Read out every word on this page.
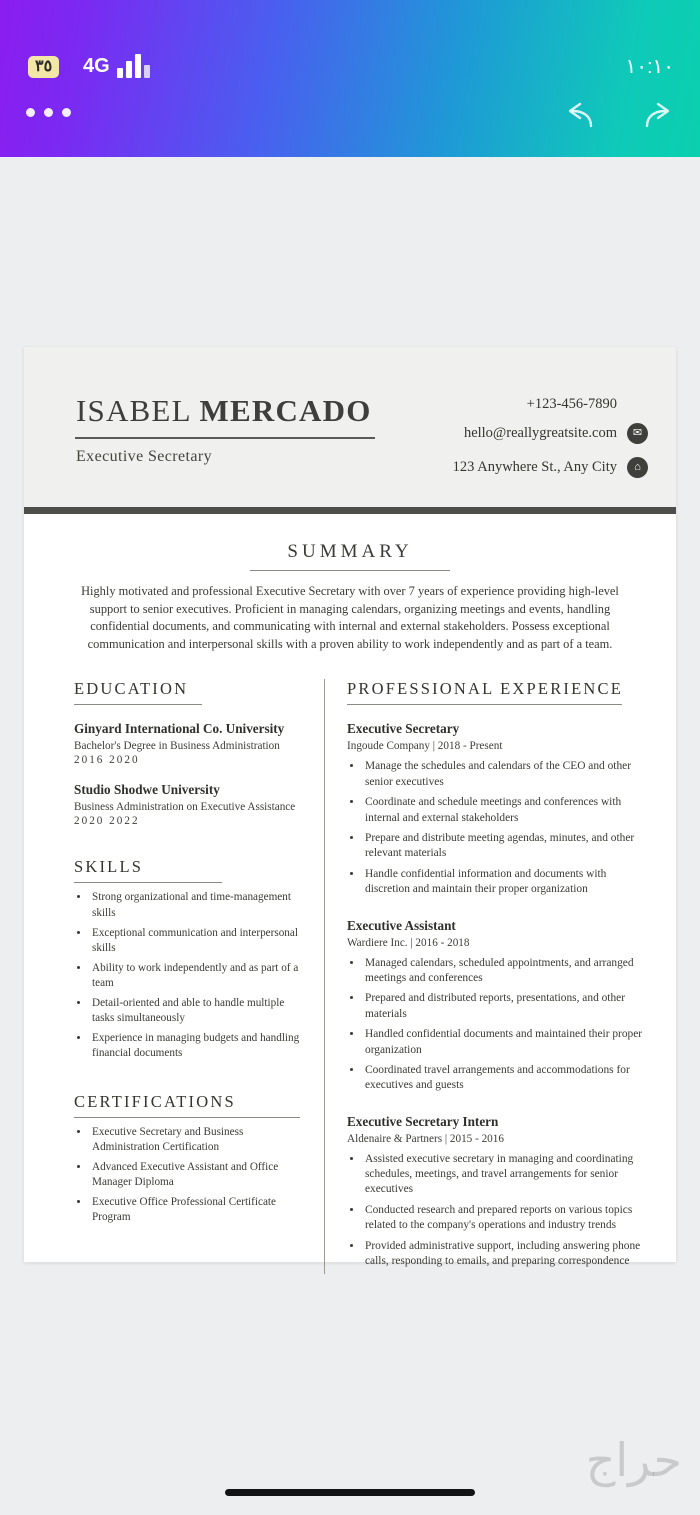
٣٥	4G	١٠:١٠
ISABEL MERCADO
Executive Secretary
+123-456-7890
hello@reallygreatsite.com	✉
123 Anywhere St., Any City	⌂
SUMMARY
Highly motivated and professional Executive Secretary with over 7 years of experience providing high-level support to senior executives. Proficient in managing calendars, organizing meetings and events, handling confidential documents, and communicating with internal and external stakeholders. Possess exceptional communication and interpersonal skills with a proven ability to work independently and as part of a team.
EDUCATION
Ginyard International Co. University
Bachelor's Degree in Business Administration
2016 2020
Studio Shodwe University
Business Administration on Executive Assistance
2020 2022
SKILLS
• Strong organizational and time-management skills
• Exceptional communication and interpersonal skills
• Ability to work independently and as part of a team
• Detail-oriented and able to handle multiple tasks simultaneously
• Experience in managing budgets and handling financial documents
CERTIFICATIONS
• Executive Secretary and Business Administration Certification
• Advanced Executive Assistant and Office Manager Diploma
• Executive Office Professional Certificate Program
PROFESSIONAL EXPERIENCE
Executive Secretary
Ingoude Company | 2018 - Present
• Manage the schedules and calendars of the CEO and other senior executives
• Coordinate and schedule meetings and conferences with internal and external stakeholders
• Prepare and distribute meeting agendas, minutes, and other relevant materials
• Handle confidential information and documents with discretion and maintain their proper organization
Executive Assistant
Wardiere Inc. | 2016 - 2018
• Managed calendars, scheduled appointments, and arranged meetings and conferences
• Prepared and distributed reports, presentations, and other materials
• Handled confidential documents and maintained their proper organization
• Coordinated travel arrangements and accommodations for executives and guests
Executive Secretary Intern
Aldenaire & Partners | 2015 - 2016
• Assisted executive secretary in managing and coordinating schedules, meetings, and travel arrangements for senior executives
• Conducted research and prepared reports on various topics related to the company's operations and industry trends
• Provided administrative support, including answering phone calls, responding to emails, and preparing correspondence
حراج
